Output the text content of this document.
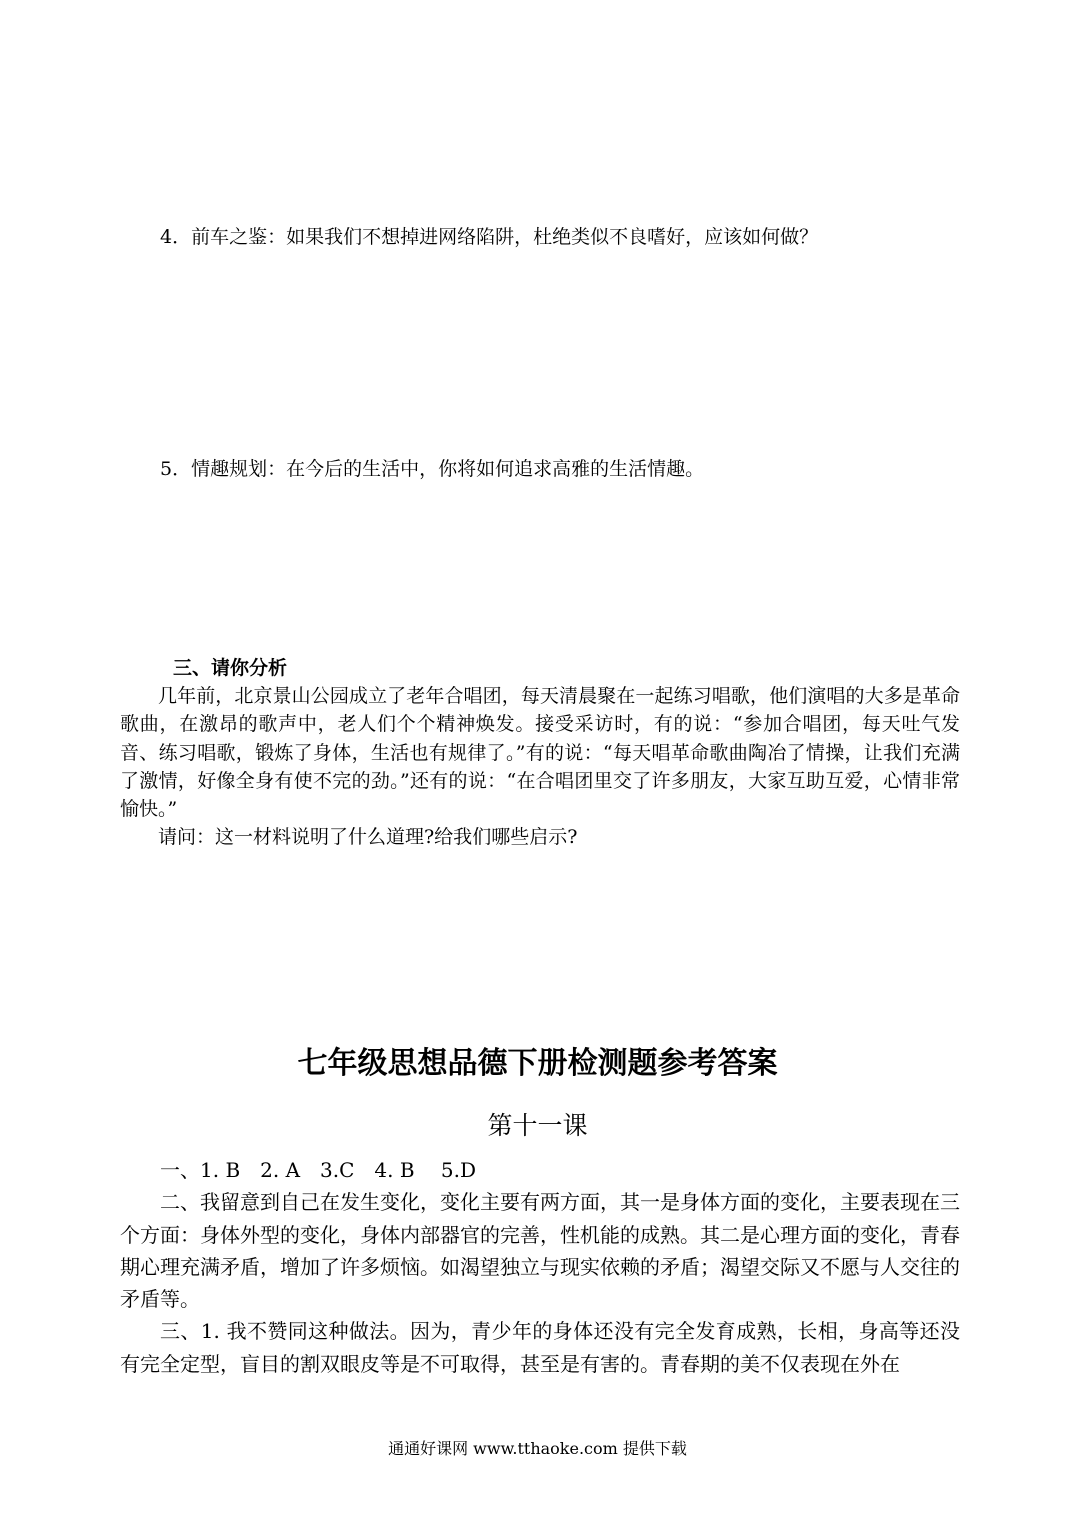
4．前车之鉴：如果我们不想掉进网络陷阱，杜绝类似不良嗜好，应该如何做？
5．情趣规划：在今后的生活中，你将如何追求高雅的生活情趣。
三、请你分析

几年前，北京景山公园成立了老年合唱团，每天清晨聚在一起练习唱歌，他们演唱的大多是革命歌曲，在激昂的歌声中，老人们个个精神焕发。接受采访时，有的说：“参加合唱团，每天吐气发音、练习唱歌，锻炼了身体，生活也有规律了。”有的说：“每天唱革命歌曲陶冶了情操，让我们充满了激情，好像全身有使不完的劲。”还有的说：“在合唱团里交了许多朋友，大家互助互爱，心情非常愉快。”

请问：这一材料说明了什么道理?给我们哪些启示?

七年级思想品德下册检测题参考答案
第十一课

一、1. B　2. A　3.C　4. B　 5.D

二、我留意到自己在发生变化，变化主要有两方面，其一是身体方面的变化，主要表现在三个方面：身体外型的变化，身体内部器官的完善，性机能的成熟。其二是心理方面的变化，青春期心理充满矛盾，增加了许多烦恼。如渴望独立与现实依赖的矛盾；渴望交际又不愿与人交往的矛盾等。

三、1. 我不赞同这种做法。因为，青少年的身体还没有完全发育成熟，长相，身高等还没有完全定型，盲目的割双眼皮等是不可取得，甚至是有害的。青春期的美不仅表现在外在

通通好课网 www.tthaoke.com 提供下载
